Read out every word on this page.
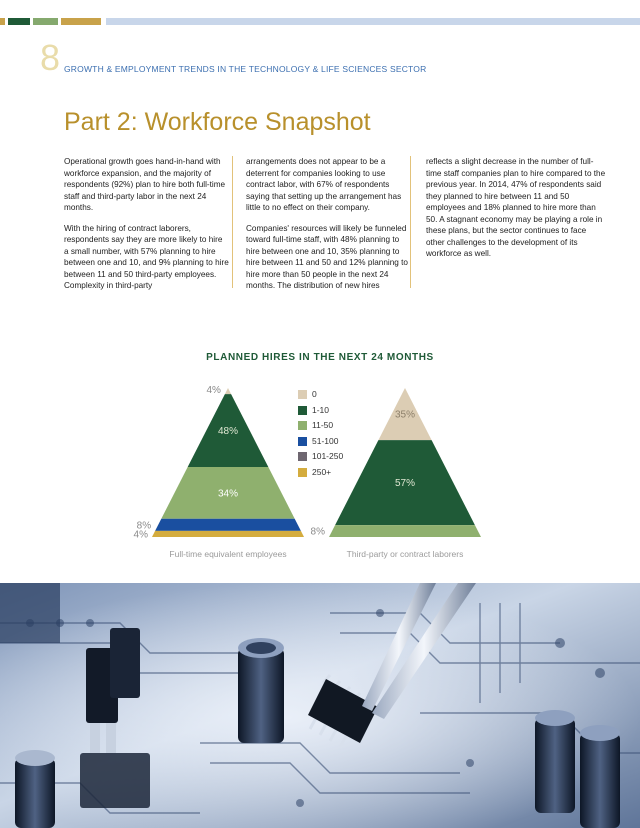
8 GROWTH & EMPLOYMENT TRENDS IN THE TECHNOLOGY & LIFE SCIENCES SECTOR
Part 2: Workforce Snapshot

Operational growth goes hand-in-hand with workforce expansion, and the majority of respondents (92%) plan to hire both full-time staff and third-party labor in the next 24 months.

With the hiring of contract laborers, respondents say they are more likely to hire a small number, with 57% planning to hire between one and 10, and 9% planning to hire between 11 and 50 third-party employees. Complexity in third-party

arrangements does not appear to be a deterrent for companies looking to use contract labor, with 67% of respondents saying that setting up the arrangement has little to no effect on their company.

Companies' resources will likely be funneled toward full-time staff, with 48% planning to hire between one and 10, 35% planning to hire between 11 and 50 and 12% planning to hire more than 50 people in the next 24 months. The distribution of new hires

reflects a slight decrease in the number of full-time staff companies plan to hire compared to the previous year. In 2014, 47% of respondents said they planned to hire between 11 and 50 employees and 18% planned to hire more than 50. A stagnant economy may be playing a role in these plans, but the sector continues to face other challenges to the development of its workforce as well.

PLANNED HIRES IN THE NEXT 24 MONTHS
4%
48%
34%
8%
4%
Full-time equivalent employees
35%
57%
8%
Third-party or contract laborers
0
1-10
11-50
51-100
101-250
250+
